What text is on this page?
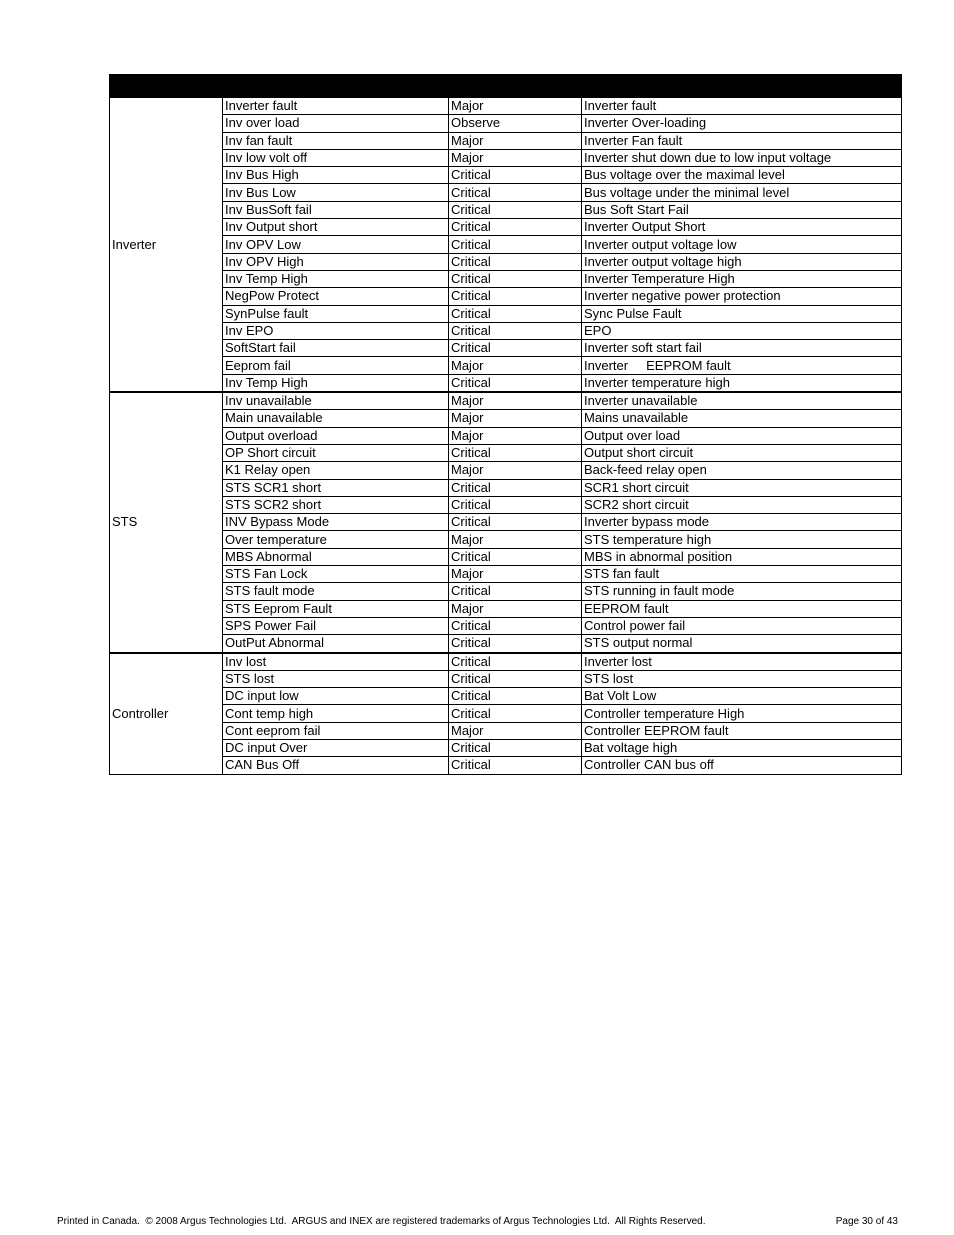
Inverter	Inverter fault	Major	Inverter fault
	Inv over load	Observe	Inverter Over-loading
	Inv fan fault	Major	Inverter Fan fault
	Inv low volt off	Major	Inverter shut down due to low input voltage
	Inv Bus High	Critical	Bus voltage over the maximal level
	Inv Bus Low	Critical	Bus voltage under the minimal level
	Inv BusSoft fail	Critical	Bus Soft Start Fail
	Inv Output short	Critical	Inverter Output Short
	Inv OPV Low	Critical	Inverter output voltage low
	Inv OPV High	Critical	Inverter output voltage high
	Inv Temp High	Critical	Inverter Temperature High
	NegPow Protect	Critical	Inverter negative power protection
	SynPulse fault	Critical	Sync Pulse Fault
	Inv EPO	Critical	EPO
	SoftStart fail	Critical	Inverter soft start fail
	Eeprom fail	Major	Inverter     EEPROM fault
	Inv Temp High	Critical	Inverter temperature high
STS	Inv unavailable	Major	Inverter unavailable
	Main unavailable	Major	Mains unavailable
	Output overload	Major	Output over load
	OP Short circuit	Critical	Output short circuit
	K1 Relay open	Major	Back-feed relay open
	STS SCR1 short	Critical	SCR1 short circuit
	STS SCR2 short	Critical	SCR2 short circuit
	INV Bypass Mode	Critical	Inverter bypass mode
	Over temperature	Major	STS temperature high
	MBS Abnormal	Critical	MBS in abnormal position
	STS Fan Lock	Major	STS fan fault
	STS fault mode	Critical	STS running in fault mode
	STS Eeprom Fault	Major	EEPROM fault
	SPS Power Fail	Critical	Control power fail
	OutPut Abnormal	Critical	STS output normal
Controller	Inv lost	Critical	Inverter lost
	STS lost	Critical	STS lost
	DC input low	Critical	Bat Volt Low
	Cont temp high	Critical	Controller temperature High
	Cont eeprom fail	Major	Controller EEPROM fault
	DC input Over	Critical	Bat voltage high
	CAN Bus Off	Critical	Controller CAN bus off
Printed in Canada.  © 2008 Argus Technologies Ltd.  ARGUS and INEX are registered trademarks of Argus Technologies Ltd.  All Rights Reserved.	Page 30 of 43
